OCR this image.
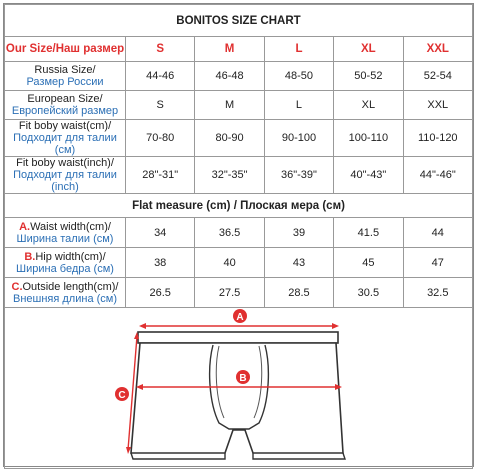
BONITOS SIZE CHART					
Our Size/Наш размер	S	M	L	XL	XXL

Russia Size/
Размер России	44-46	46-48	48-50	50-52	52-54

European Size/
Европейский размер	S	M	L	XL	XXL

Fit boby waist(cm)/
Подходит для талии (см)	70-80	80-90	90-100	100-110	110-120

Fit boby waist(inch)/
Подходит для талии (inch)	28"-31"	32"-35"	36"-39"	40"-43"	44"-46"
Flat measure (cm) / Плоская мера (см)					

A.Waist width(cm)/
Ширина талии (см)	34	36.5	39	41.5	44

B.Hip width(cm)/
Ширина бедра (см)	38	40	43	45	47

C.Outside length(cm)/
Внешняя длина (см)	26.5	27.5	28.5	30.5	32.5

A
B
C					
